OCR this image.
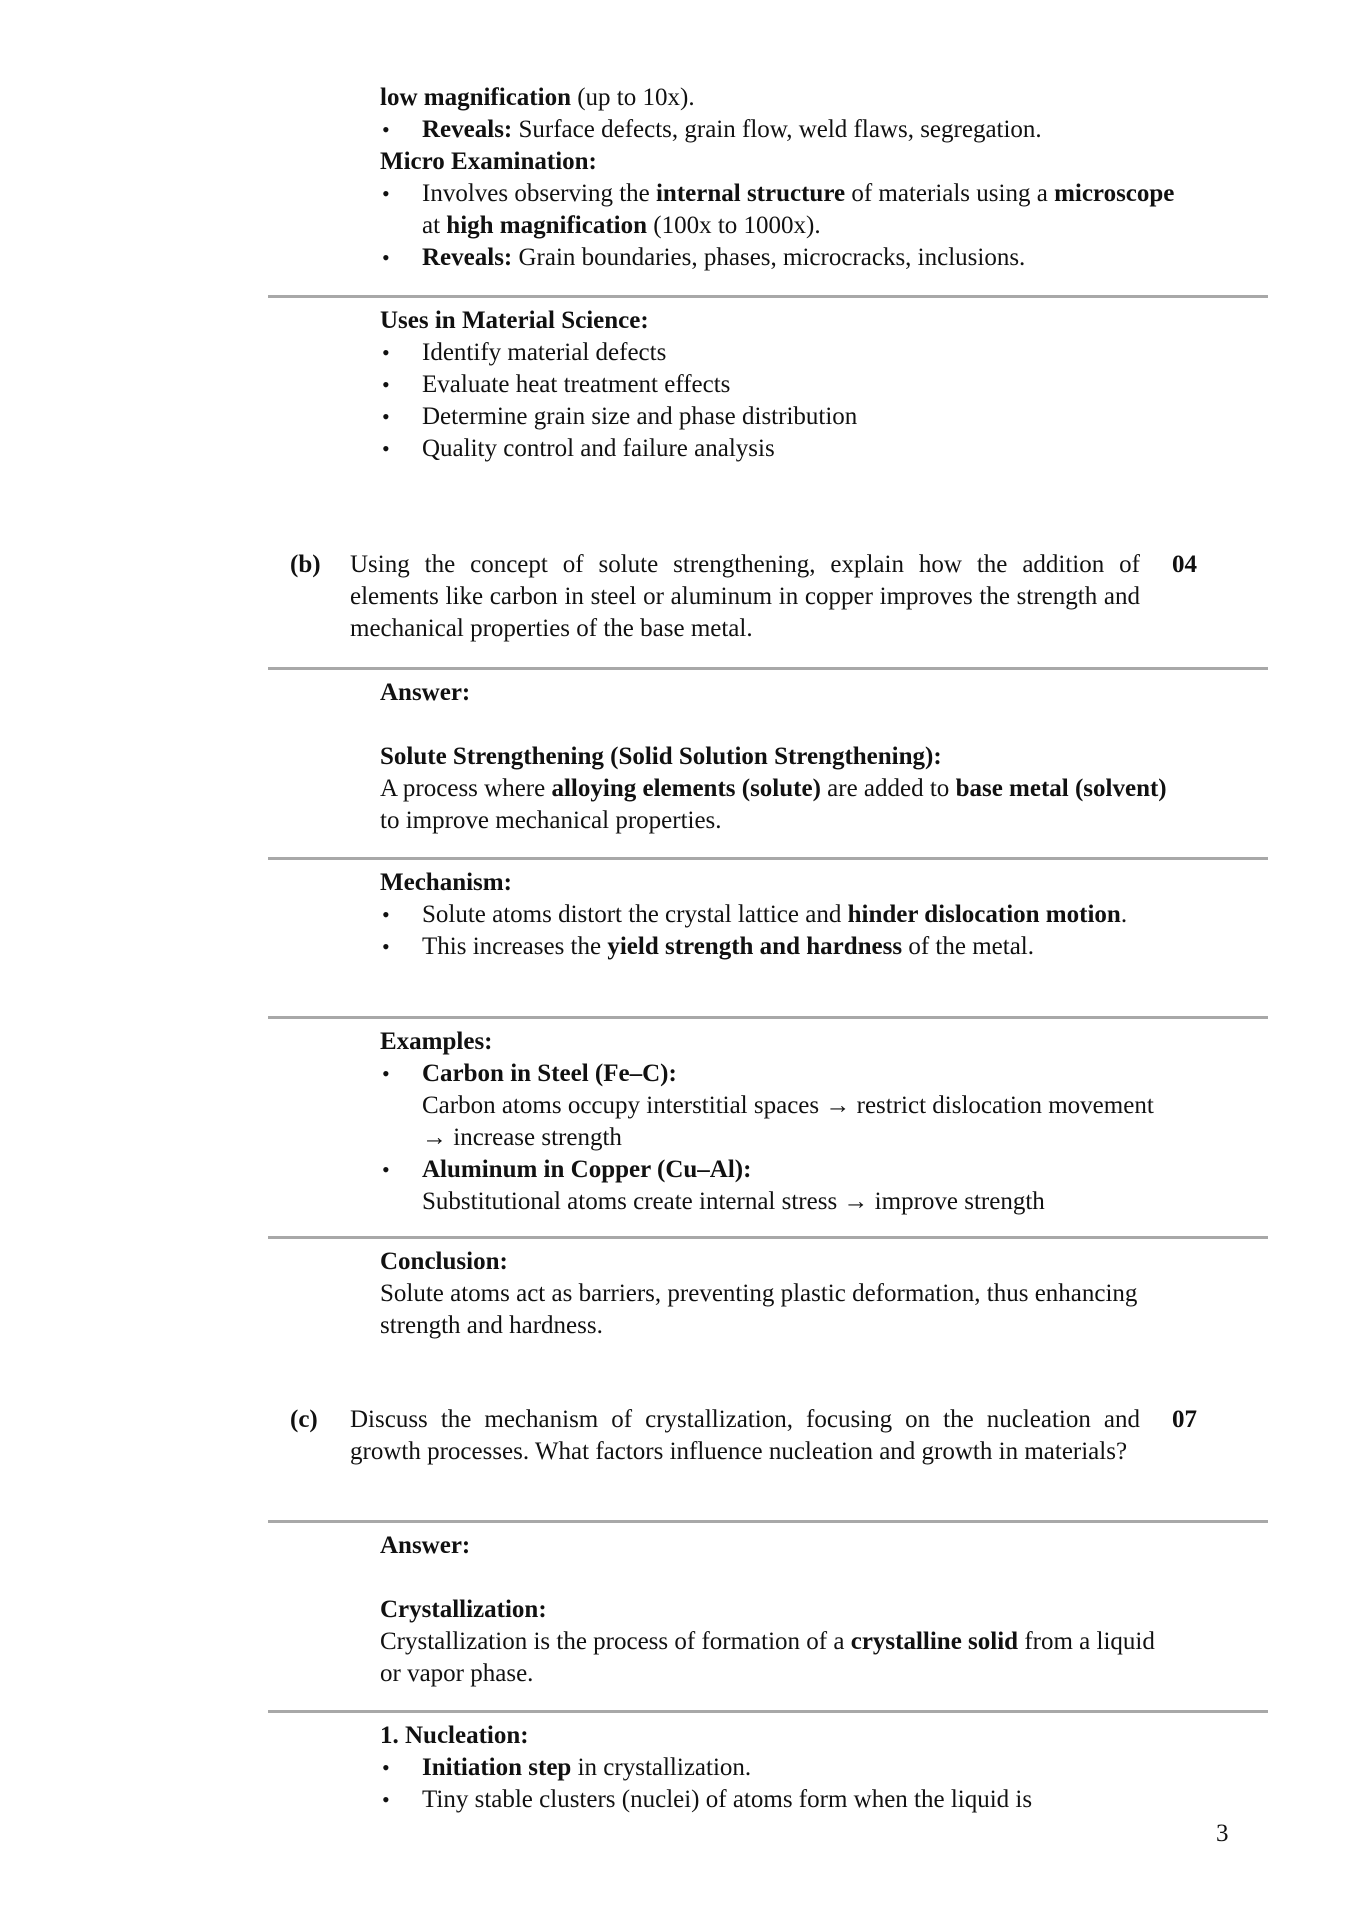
low magnification (up to 10x).
• Reveals: Surface defects, grain flow, weld flaws, segregation.
Micro Examination:
• Involves observing the internal structure of materials using a microscope at high magnification (100x to 1000x).
• Reveals: Grain boundaries, phases, microcracks, inclusions.
Uses in Material Science:
• Identify material defects
• Evaluate heat treatment effects
• Determine grain size and phase distribution
• Quality control and failure analysis
(b) Using the concept of solute strengthening, explain how the addition of elements like carbon in steel or aluminum in copper improves the strength and mechanical properties of the base metal.
04
Answer:
Solute Strengthening (Solid Solution Strengthening):
A process where alloying elements (solute) are added to base metal (solvent) to improve mechanical properties.
Mechanism:
• Solute atoms distort the crystal lattice and hinder dislocation motion.
• This increases the yield strength and hardness of the metal.
Examples:
• Carbon in Steel (Fe–C):
Carbon atoms occupy interstitial spaces → restrict dislocation movement → increase strength
• Aluminum in Copper (Cu–Al):
Substitutional atoms create internal stress → improve strength
Conclusion:
Solute atoms act as barriers, preventing plastic deformation, thus enhancing strength and hardness.
(c) Discuss the mechanism of crystallization, focusing on the nucleation and growth processes. What factors influence nucleation and growth in materials?
07
Answer:
Crystallization:
Crystallization is the process of formation of a crystalline solid from a liquid or vapor phase.
1. Nucleation:
• Initiation step in crystallization.
• Tiny stable clusters (nuclei) of atoms form when the liquid is
3
